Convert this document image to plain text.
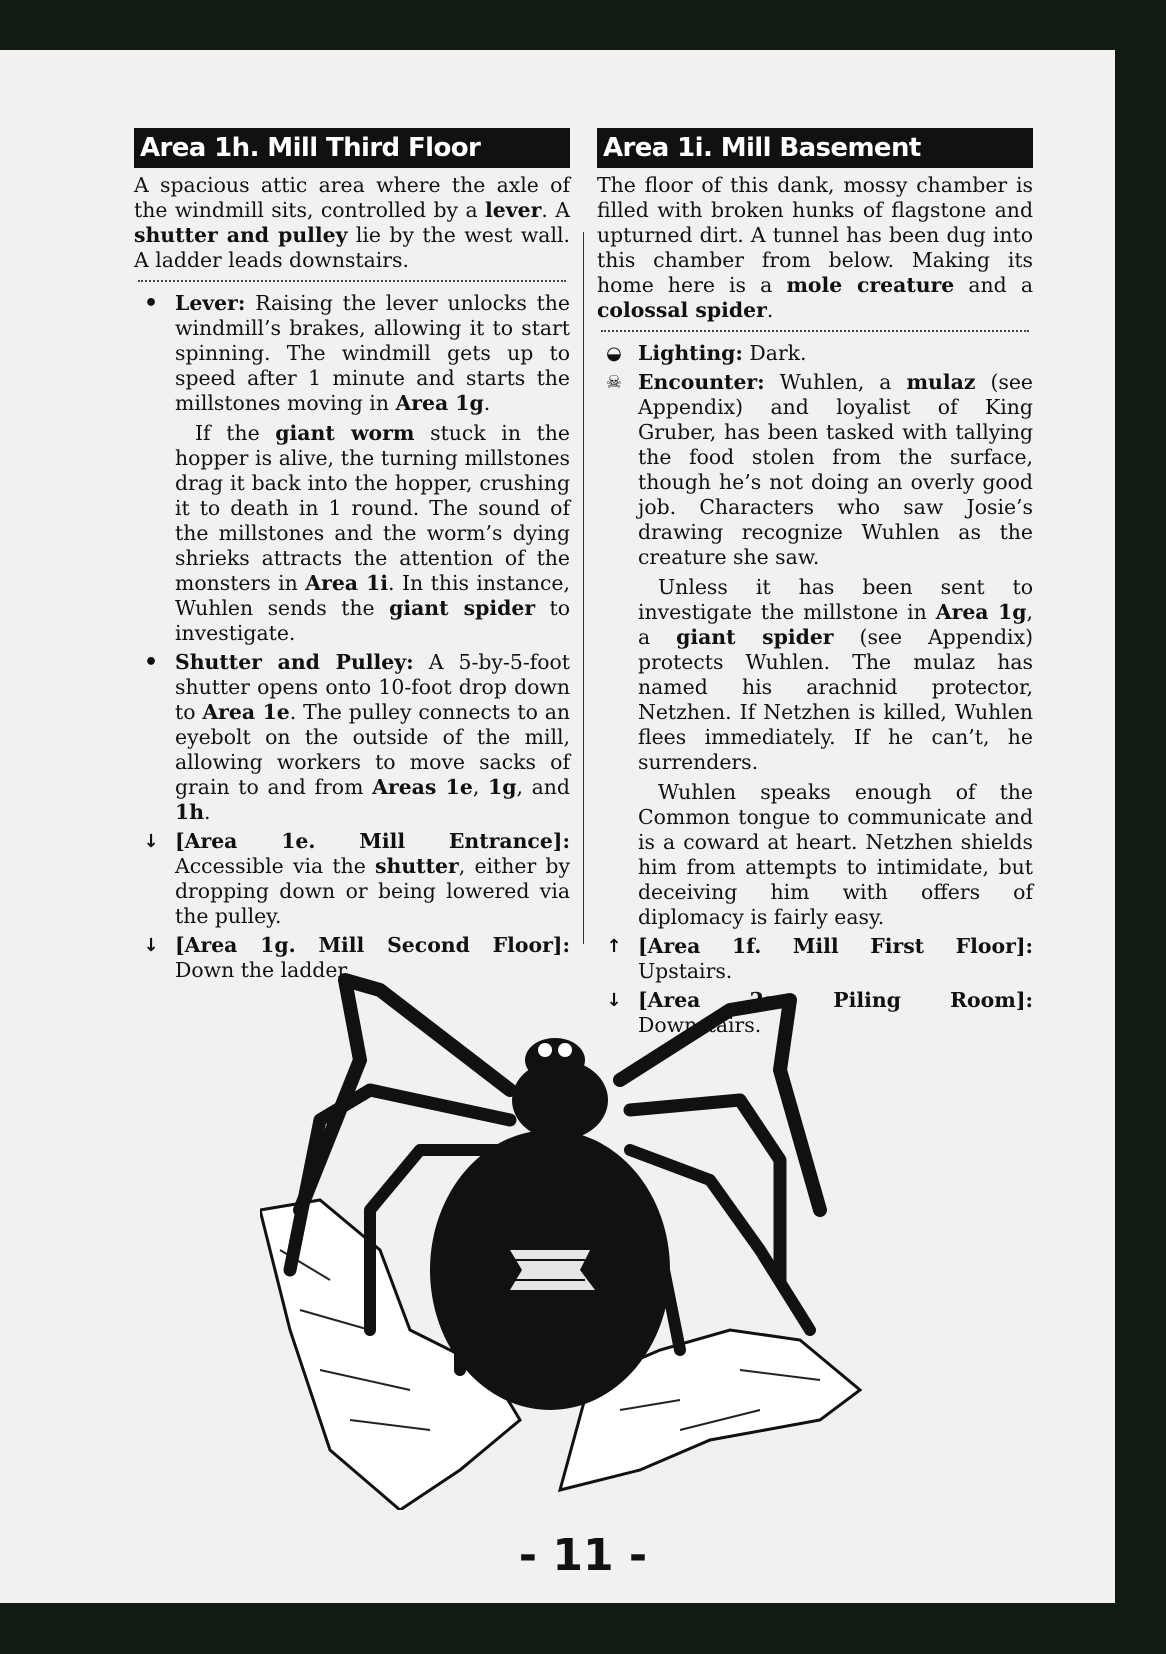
Area 1h. Mill Third Floor

A spacious attic area where the axle of the windmill sits, controlled by a lever. A shutter and pulley lie by the west wall. A ladder leads downstairs.

• Lever: Raising the lever unlocks the windmill’s brakes, allowing it to start spinning. The windmill gets up to speed after 1 minute and starts the millstones moving in Area 1g.

If the giant worm stuck in the hopper is alive, the turning millstones drag it back into the hopper, crushing it to death in 1 round. The sound of the millstones and the worm’s dying shrieks attracts the attention of the monsters in Area 1i. In this instance, Wuhlen sends the giant spider to investigate.

• Shutter and Pulley: A 5-by-5-foot shutter opens onto 10-foot drop down to Area 1e. The pulley connects to an eyebolt on the outside of the mill, allowing workers to move sacks of grain to and from Areas 1e, 1g, and 1h.

↓ [Area 1e. Mill Entrance]: Accessible via the shutter, either by dropping down or being lowered via the pulley.

↓ [Area 1g. Mill Second Floor]: Down the ladder.

Area 1i. Mill Basement

The floor of this dank, mossy chamber is filled with broken hunks of flagstone and upturned dirt. A tunnel has been dug into this chamber from below. Making its home here is a mole creature and a colossal spider.

◒ Lighting: Dark.

☠ Encounter: Wuhlen, a mulaz (see Appendix) and loyalist of King Gruber, has been tasked with tallying the food stolen from the surface, though he’s not doing an overly good job. Characters who saw Josie’s drawing recognize Wuhlen as the creature she saw.

Unless it has been sent to investigate the millstone in Area 1g, a giant spider (see Appendix) protects Wuhlen. The mulaz has named his arachnid protector, Netzhen. If Netzhen is killed, Wuhlen flees immediately. If he can’t, he surrenders.

Wuhlen speaks enough of the Common tongue to communicate and is a coward at heart. Netzhen shields him from attempts to intimidate, but deceiving him with offers of diplomacy is fairly easy.

↑ [Area 1f. Mill First Floor]: Upstairs.

↓ [Area 2a. Piling Room]: Downstairs.

- 11 -
